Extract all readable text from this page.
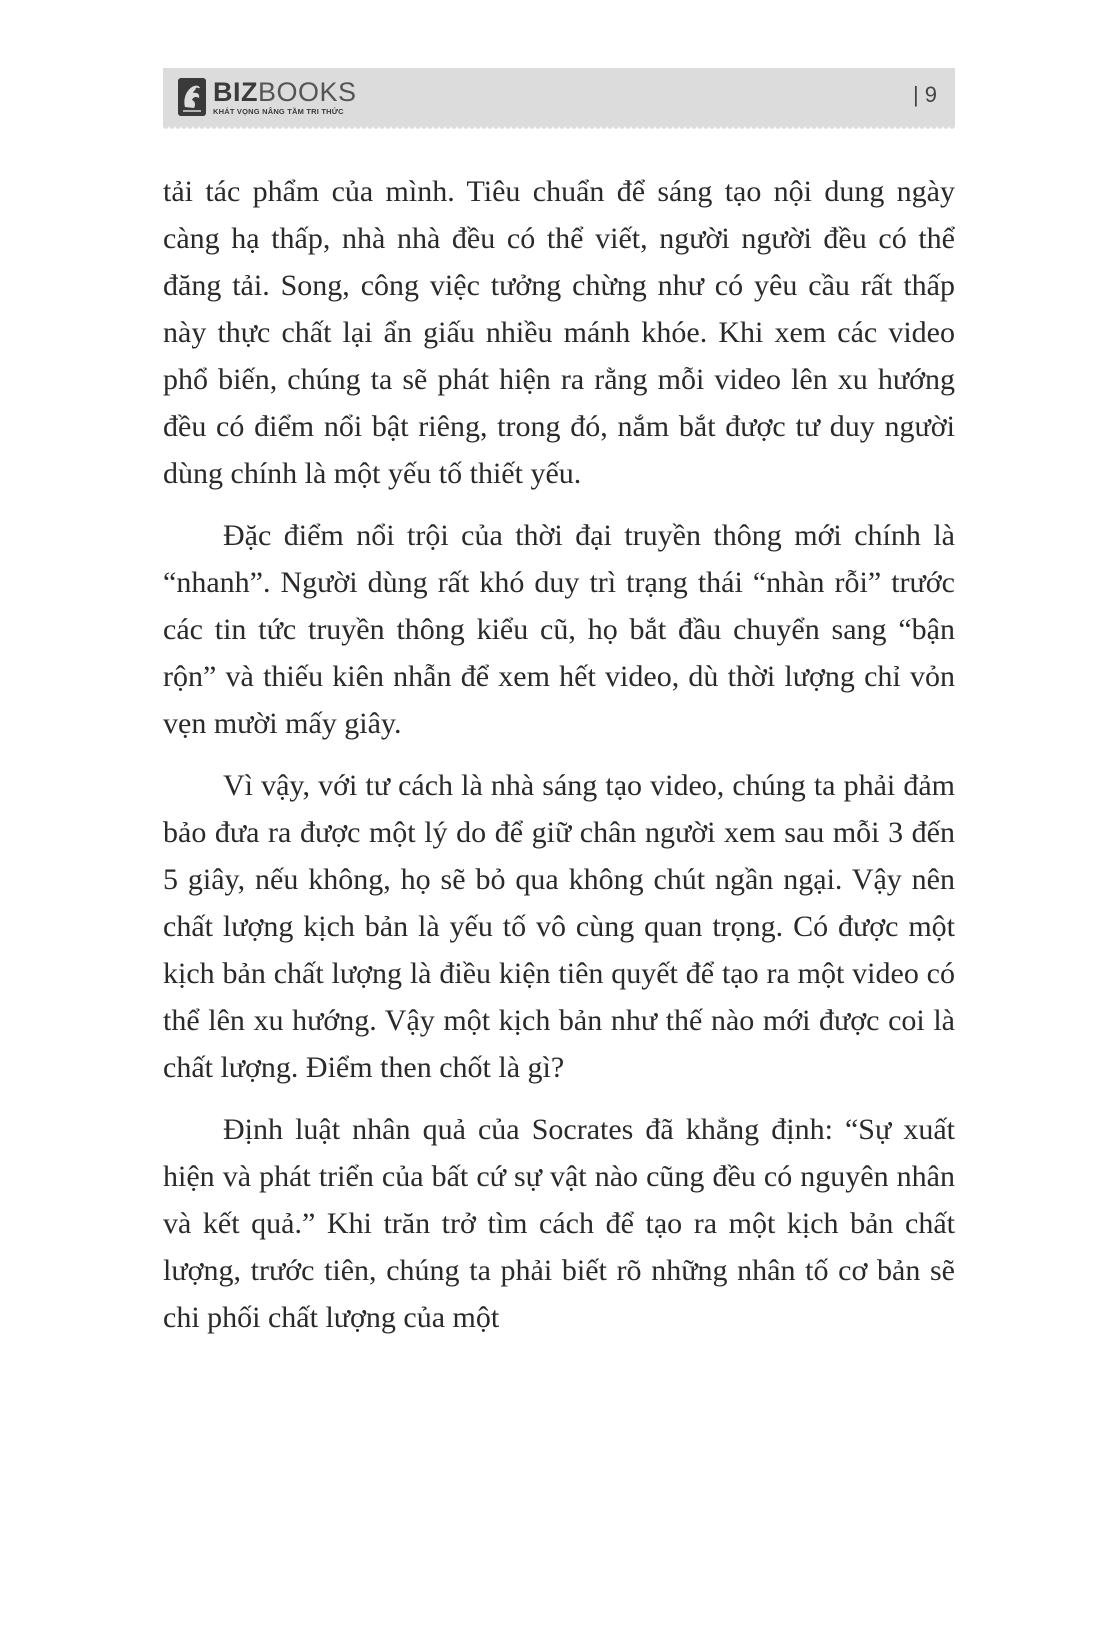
BIZBOOKS
KHÁT VỌNG NÂNG TẦM TRI THỨC
| 9

tải tác phẩm của mình. Tiêu chuẩn để sáng tạo nội dung ngày càng hạ thấp, nhà nhà đều có thể viết, người người đều có thể đăng tải. Song, công việc tưởng chừng như có yêu cầu rất thấp này thực chất lại ẩn giấu nhiều mánh khóe. Khi xem các video phổ biến, chúng ta sẽ phát hiện ra rằng mỗi video lên xu hướng đều có điểm nổi bật riêng, trong đó, nắm bắt được tư duy người dùng chính là một yếu tố thiết yếu.

Đặc điểm nổi trội của thời đại truyền thông mới chính là “nhanh”. Người dùng rất khó duy trì trạng thái “nhàn rỗi” trước các tin tức truyền thông kiểu cũ, họ bắt đầu chuyển sang “bận rộn” và thiếu kiên nhẫn để xem hết video, dù thời lượng chỉ vỏn vẹn mười mấy giây.

Vì vậy, với tư cách là nhà sáng tạo video, chúng ta phải đảm bảo đưa ra được một lý do để giữ chân người xem sau mỗi 3 đến 5 giây, nếu không, họ sẽ bỏ qua không chút ngần ngại. Vậy nên chất lượng kịch bản là yếu tố vô cùng quan trọng. Có được một kịch bản chất lượng là điều kiện tiên quyết để tạo ra một video có thể lên xu hướng. Vậy một kịch bản như thế nào mới được coi là chất lượng. Điểm then chốt là gì?

Định luật nhân quả của Socrates đã khẳng định: “Sự xuất hiện và phát triển của bất cứ sự vật nào cũng đều có nguyên nhân và kết quả.” Khi trăn trở tìm cách để tạo ra một kịch bản chất lượng, trước tiên, chúng ta phải biết rõ những nhân tố cơ bản sẽ chi phối chất lượng của một
